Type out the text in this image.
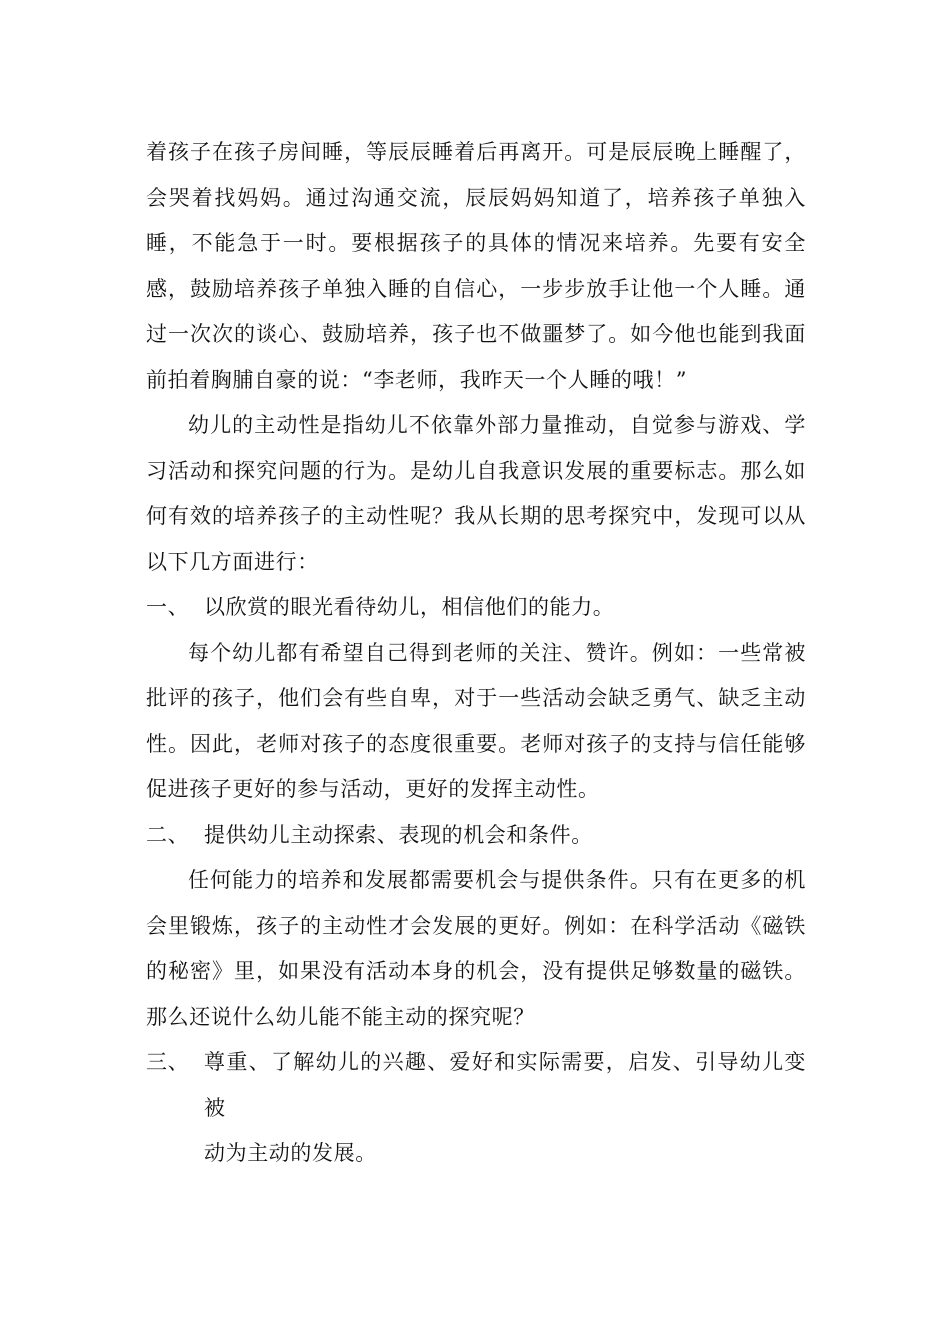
着孩子在孩子房间睡，等辰辰睡着后再离开。可是辰辰晚上睡醒了，会哭着找妈妈。通过沟通交流，辰辰妈妈知道了，培养孩子单独入睡，不能急于一时。要根据孩子的具体的情况来培养。先要有安全感，鼓励培养孩子单独入睡的自信心，一步步放手让他一个人睡。通过一次次的谈心、鼓励培养，孩子也不做噩梦了。如今他也能到我面前拍着胸脯自豪的说：“李老师，我昨天一个人睡的哦！”

幼儿的主动性是指幼儿不依靠外部力量推动，自觉参与游戏、学习活动和探究问题的行为。是幼儿自我意识发展的重要标志。那么如何有效的培养孩子的主动性呢？我从长期的思考探究中，发现可以从以下几方面进行：

一、 以欣赏的眼光看待幼儿，相信他们的能力。

每个幼儿都有希望自己得到老师的关注、赞许。例如：一些常被批评的孩子，他们会有些自卑，对于一些活动会缺乏勇气、缺乏主动性。因此，老师对孩子的态度很重要。老师对孩子的支持与信任能够促进孩子更好的参与活动，更好的发挥主动性。

二、 提供幼儿主动探索、表现的机会和条件。

任何能力的培养和发展都需要机会与提供条件。只有在更多的机会里锻炼，孩子的主动性才会发展的更好。例如：在科学活动《磁铁的秘密》里，如果没有活动本身的机会，没有提供足够数量的磁铁。那么还说什么幼儿能不能主动的探究呢？

三、 尊重、了解幼儿的兴趣、爱好和实际需要，启发、引导幼儿变被
动为主动的发展。
